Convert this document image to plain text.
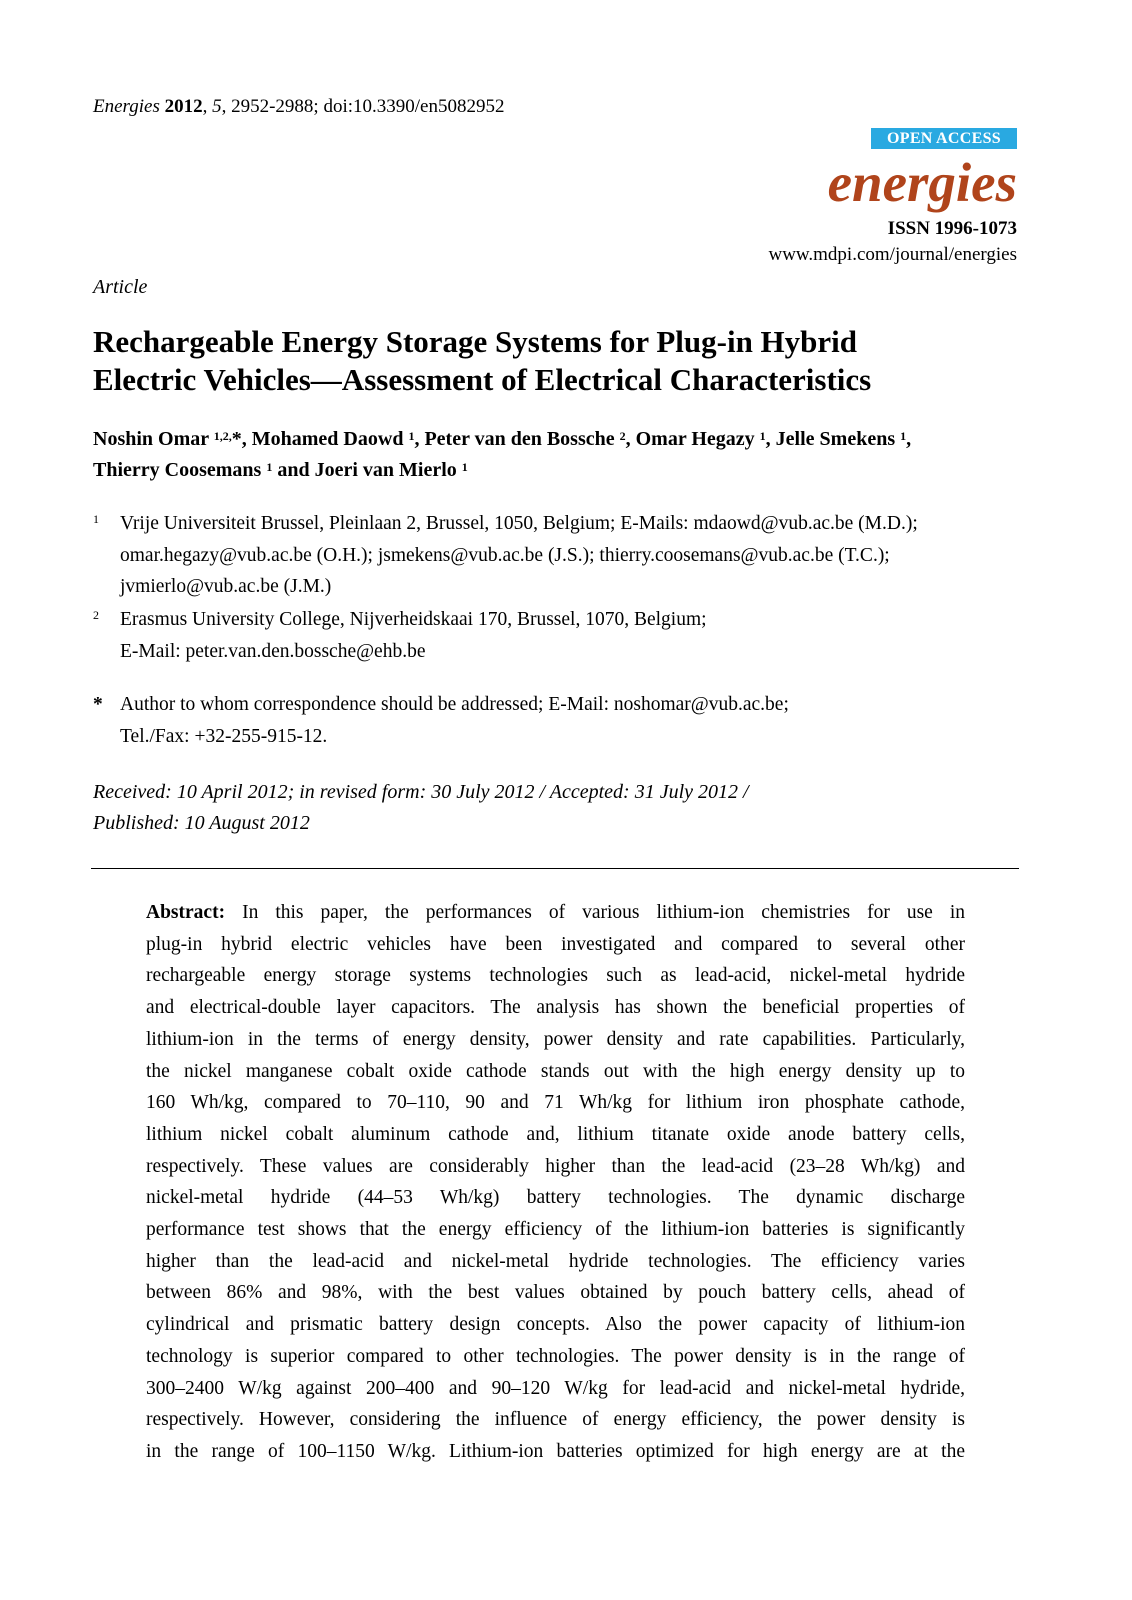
Energies 2012, 5, 2952-2988; doi:10.3390/en5082952
OPEN ACCESS
energies
ISSN 1996-1073
www.mdpi.com/journal/energies
Article
Rechargeable Energy Storage Systems for Plug-in Hybrid
Electric Vehicles—Assessment of Electrical Characteristics
Noshin Omar $^{1,2,}$*, Mohamed Daowd $^1$, Peter van den Bossche $^2$, Omar Hegazy $^1$, Jelle Smekens $^1$,
Thierry Coosemans $^1$ and Joeri van Mierlo $^1$
1 Vrije Universiteit Brussel, Pleinlaan 2, Brussel, 1050, Belgium; E-Mails: mdaowd@vub.ac.be (M.D.);
omar.hegazy@vub.ac.be (O.H.); jsmekens@vub.ac.be (J.S.); thierry.coosemans@vub.ac.be (T.C.);
jvmierlo@vub.ac.be (J.M.)
2 Erasmus University College, Nijverheidskaai 170, Brussel, 1070, Belgium;
E-Mail: peter.van.den.bossche@ehb.be
* Author to whom correspondence should be addressed; E-Mail: noshomar@vub.ac.be;
Tel./Fax: +32-255-915-12.
Received: 10 April 2012; in revised form: 30 July 2012 / Accepted: 31 July 2012 /
Published: 10 August 2012
Abstract: In this paper, the performances of various lithium-ion chemistries for use in
plug-in hybrid electric vehicles have been investigated and compared to several other
rechargeable energy storage systems technologies such as lead-acid, nickel-metal hydride
and electrical-double layer capacitors. The analysis has shown the beneficial properties of
lithium-ion in the terms of energy density, power density and rate capabilities. Particularly,
the nickel manganese cobalt oxide cathode stands out with the high energy density up to
160 Wh/kg, compared to 70–110, 90 and 71 Wh/kg for lithium iron phosphate cathode,
lithium nickel cobalt aluminum cathode and, lithium titanate oxide anode battery cells,
respectively. These values are considerably higher than the lead-acid (23–28 Wh/kg) and
nickel-metal hydride (44–53 Wh/kg) battery technologies. The dynamic discharge
performance test shows that the energy efficiency of the lithium-ion batteries is significantly
higher than the lead-acid and nickel-metal hydride technologies. The efficiency varies
between 86% and 98%, with the best values obtained by pouch battery cells, ahead of
cylindrical and prismatic battery design concepts. Also the power capacity of lithium-ion
technology is superior compared to other technologies. The power density is in the range of
300–2400 W/kg against 200–400 and 90–120 W/kg for lead-acid and nickel-metal hydride,
respectively. However, considering the influence of energy efficiency, the power density is
in the range of 100–1150 W/kg. Lithium-ion batteries optimized for high energy are at the
